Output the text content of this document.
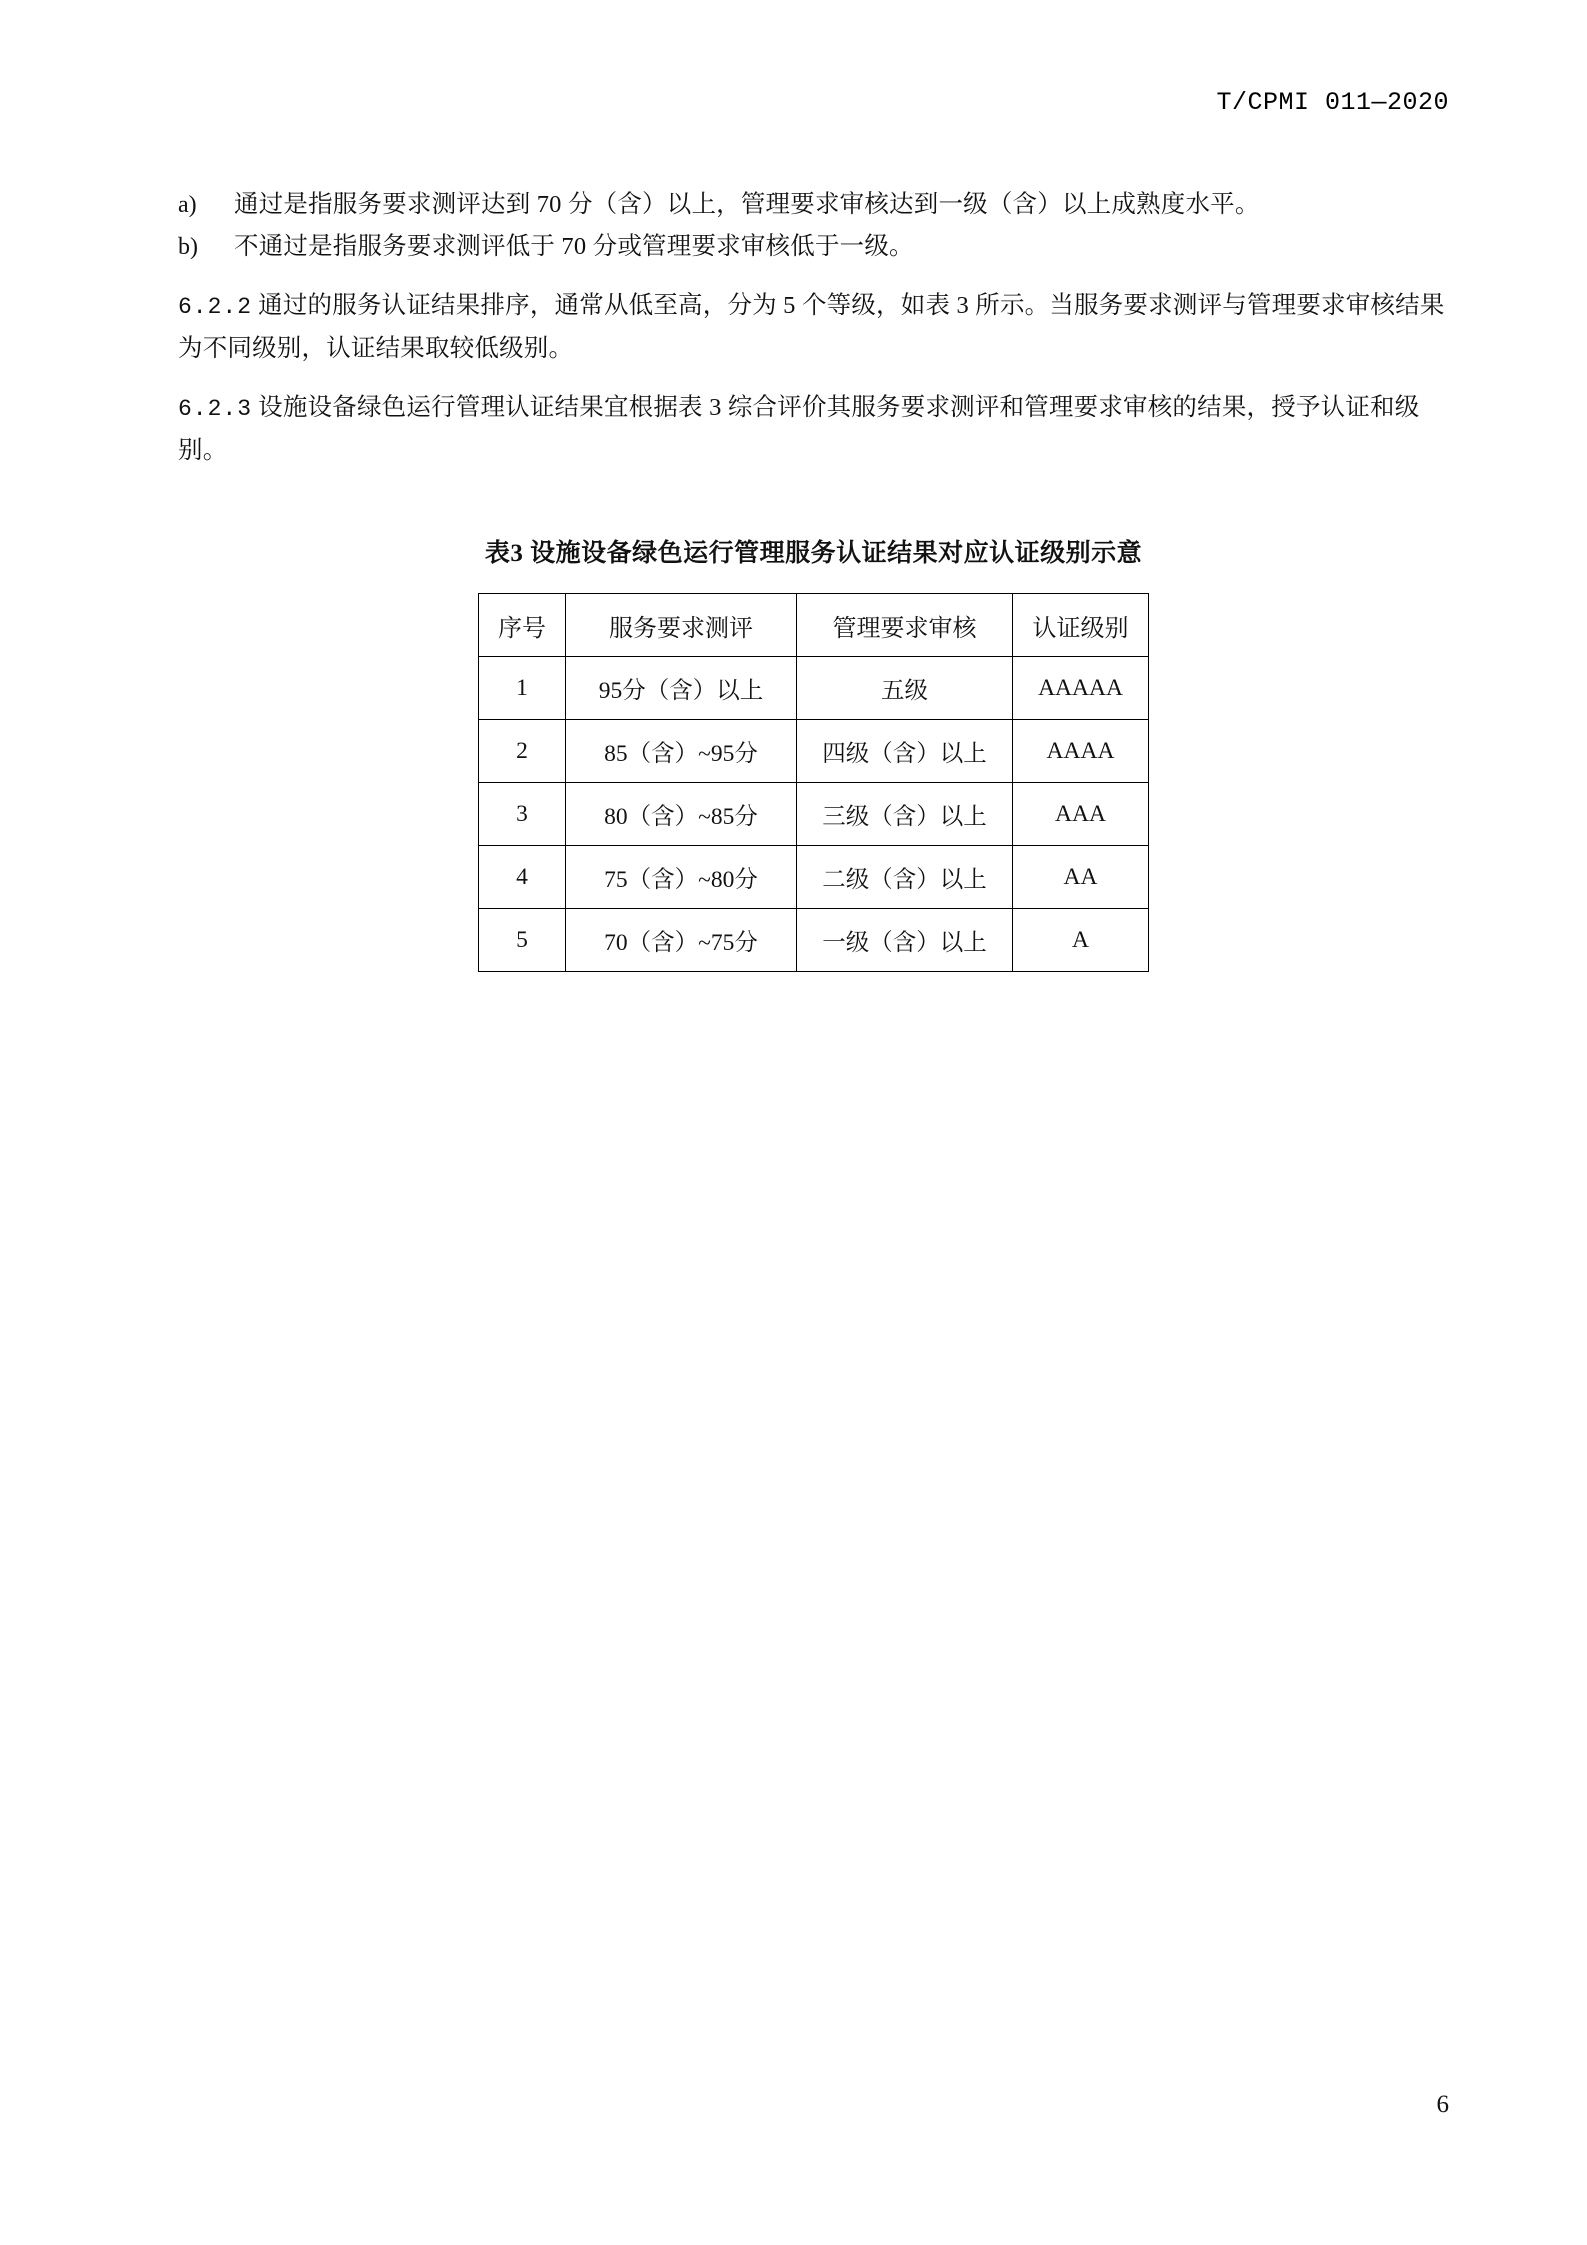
T/CPMI 011—2020
a)	通过是指服务要求测评达到 70 分（含）以上，管理要求审核达到一级（含）以上成熟度水平。
b)	不通过是指服务要求测评低于 70 分或管理要求审核低于一级。
6.2.2 通过的服务认证结果排序，通常从低至高，分为 5 个等级，如表 3 所示。当服务要求测评与管理要求审核结果为不同级别，认证结果取较低级别。
6.2.3 设施设备绿色运行管理认证结果宜根据表 3 综合评价其服务要求测评和管理要求审核的结果，授予认证和级别。
表3 设施设备绿色运行管理服务认证结果对应认证级别示意
序号	服务要求测评	管理要求审核	认证级别
1	95分（含）以上	五级	AAAAA
2	85（含）~95分	四级（含）以上	AAAA
3	80（含）~85分	三级（含）以上	AAA
4	75（含）~80分	二级（含）以上	AA
5	70（含）~75分	一级（含）以上	A
6
